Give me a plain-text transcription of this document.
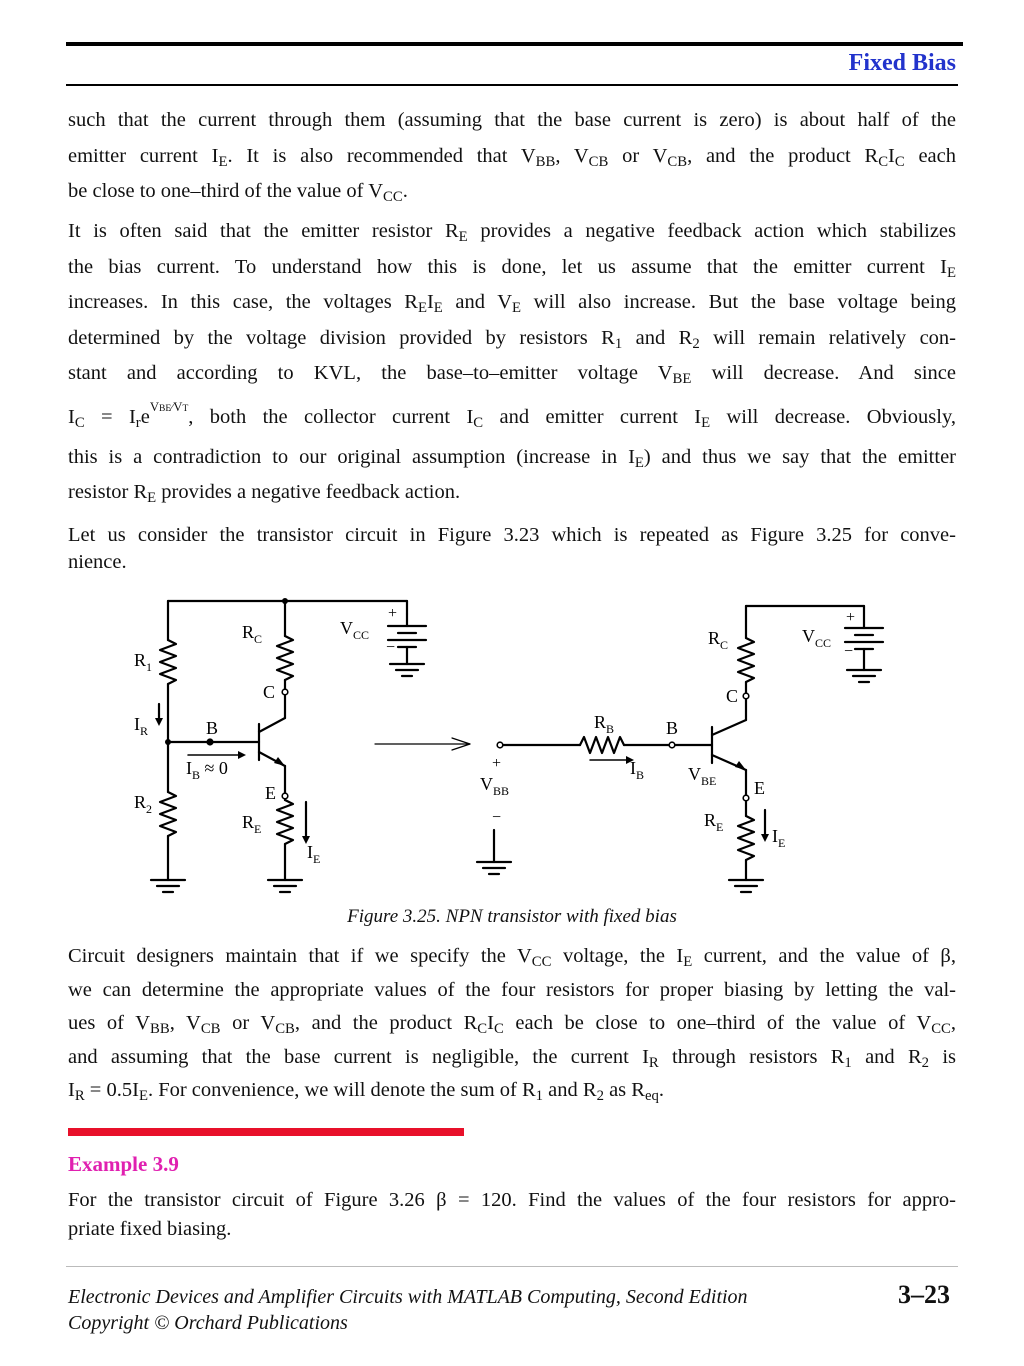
Fixed Bias
such that the current through them (assuming that the base current is zero) is about half of the
emitter current $I_E$. It is also recommended that $V_{BB}$, $V_{CB}$ or $V_{CB}$, and the product $R_CI_C$ each
be close to one–third of the value of $V_{CC}$.
It is often said that the emitter resistor $R_E$ provides a negative feedback action which stabilizes
the bias current. To understand how this is done, let us assume that the emitter current $I_E$
increases. In this case, the voltages $R_EI_E$ and $V_E$ will also increase. But the base voltage being
determined by the voltage division provided by resistors $R_1$ and $R_2$ will remain relatively con-
stant and according to KVL, the base–to–emitter voltage $V_{BE}$ will decrease. And since
$I_C = I_re^{VBE⁄VT}$, both the collector current $I_C$ and emitter current $I_E$ will decrease. Obviously,
this is a contradiction to our original assumption (increase in $I_E$) and thus we say that the emitter
resistor $R_E$ provides a negative feedback action.
Let us consider the transistor circuit in Figure 3.23 which is repeated as Figure 3.25 for conve-
nience.
$R_1$
$R_2$
$R_C$
$R_E$
$I_R$	B
C
E
$I_B \approx 0$
$I_E$
$V_{CC}$
+
−
$R_B$	B
C
E
$R_C$
$R_E$
$I_B$
$I_E$
$V_{BE}$
$V_{BB}$
+
−
$V_{CC}$
+
−
Figure 3.25. NPN transistor with fixed bias
Circuit designers maintain that if we specify the $V_{CC}$ voltage, the $I_E$ current, and the value of β,
we can determine the appropriate values of the four resistors for proper biasing by letting the val-
ues of $V_{BB}$, $V_{CB}$ or $V_{CB}$, and the product $R_CI_C$ each be close to one–third of the value of $V_{CC}$,
and assuming that the base current is negligible, the current $I_R$ through resistors $R_1$ and $R_2$ is
$I_R = 0.5I_E$. For convenience, we will denote the sum of $R_1$ and $R_2$ as $R_{eq}$.
Example 3.9
For the transistor circuit of Figure 3.26 β = 120. Find the values of the four resistors for appro-
priate fixed biasing.
Electronic Devices and Amplifier Circuits with MATLAB Computing, Second Edition
Copyright © Orchard Publications
3–23
